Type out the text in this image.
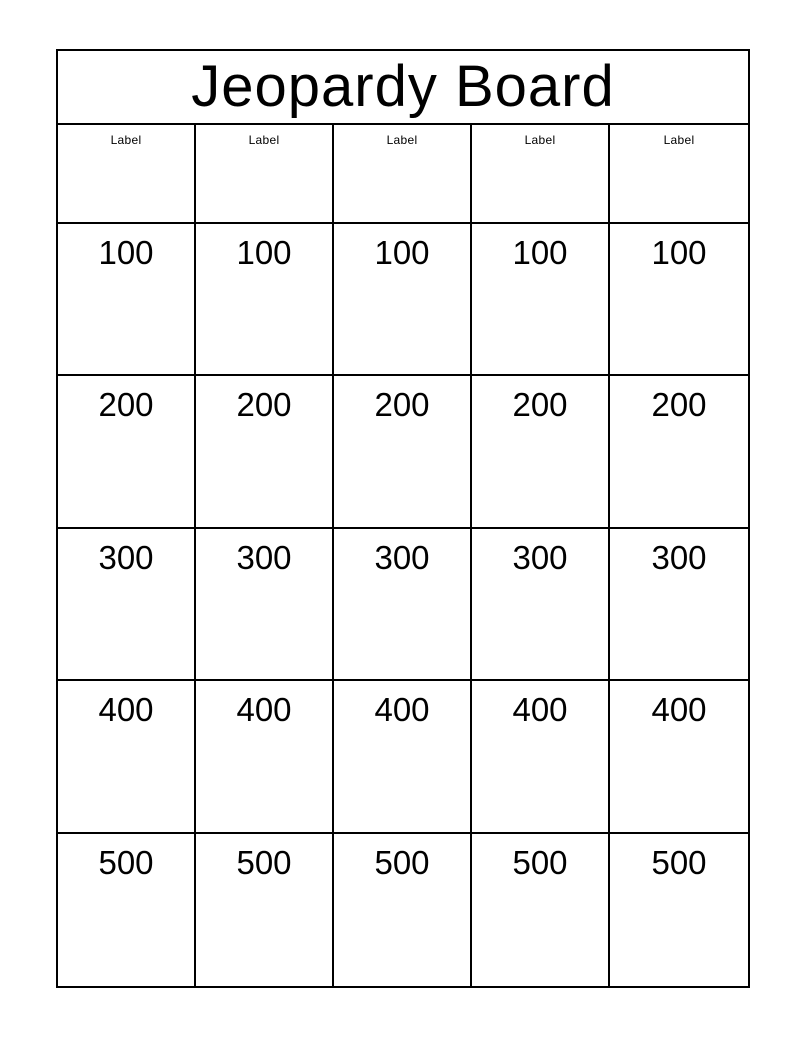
Jeopardy Board
Label	Label	Label	Label	Label
100	100	100	100	100
200	200	200	200	200
300	300	300	300	300
400	400	400	400	400
500	500	500	500	500
